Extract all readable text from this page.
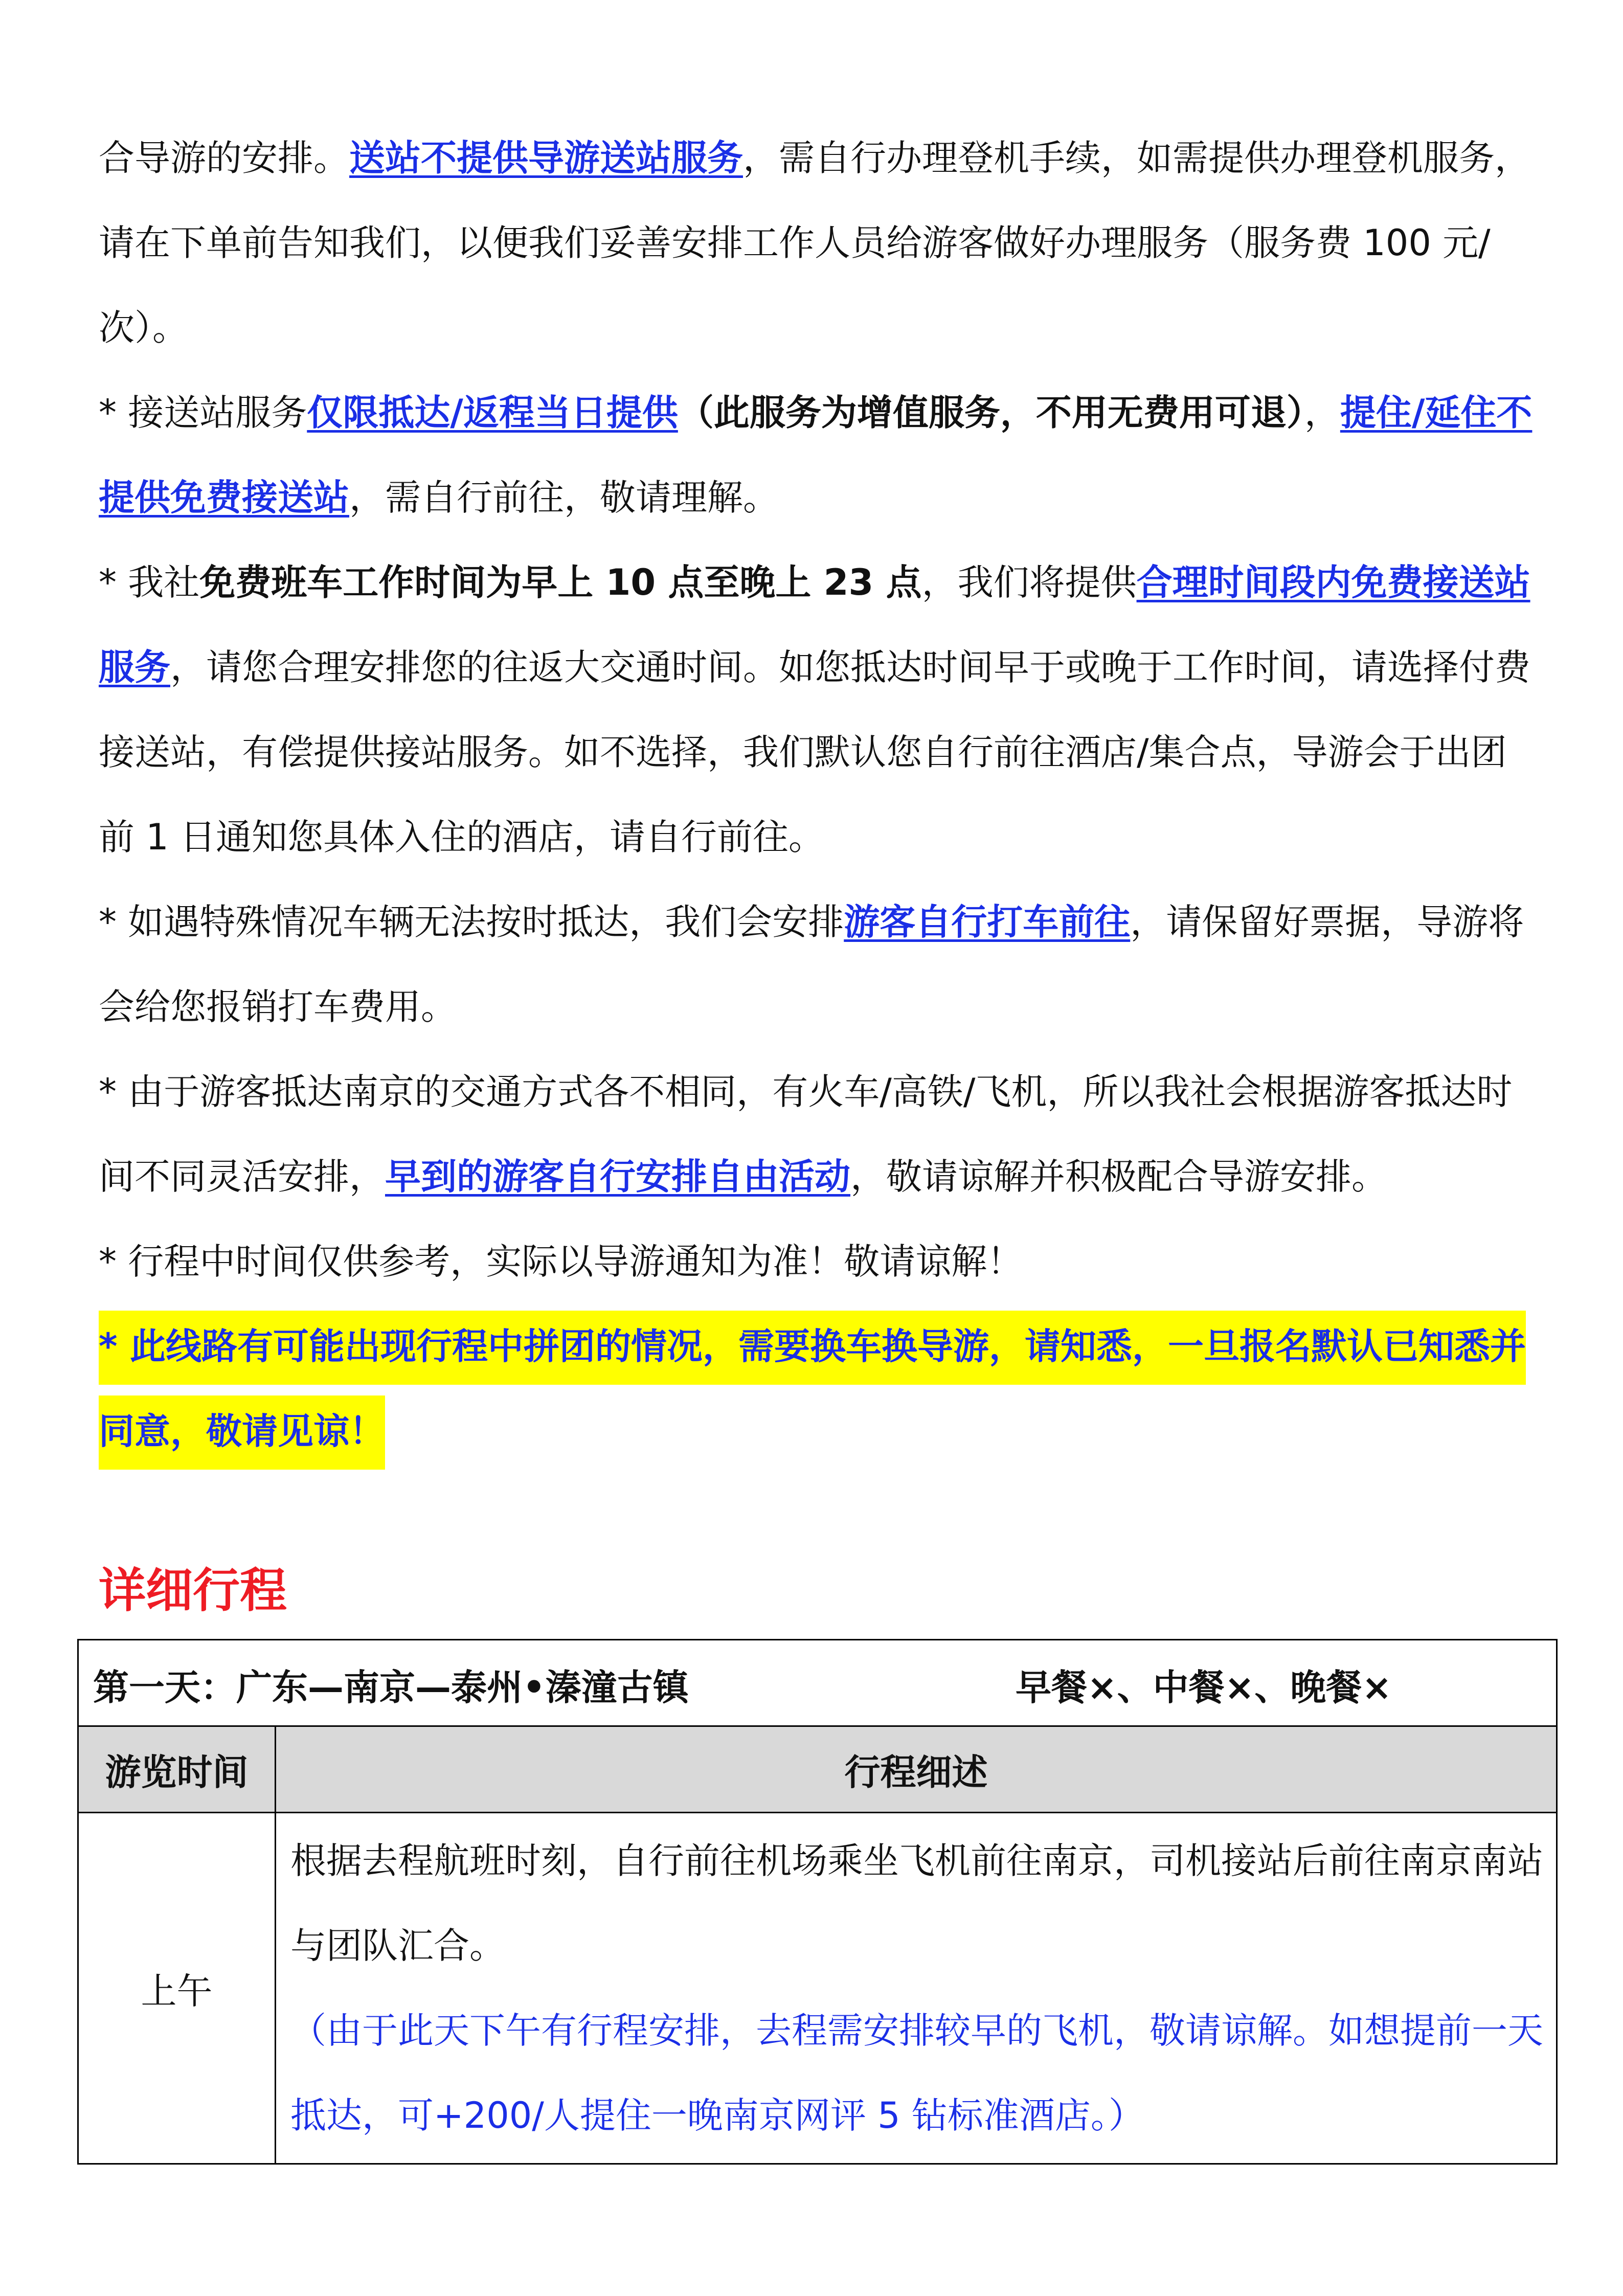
合导游的安排。送站不提供导游送站服务，需自行办理登机手续，如需提供办理登机服务，请在下单前告知我们，以便我们妥善安排工作人员给游客做好办理服务（服务费 100 元/次）。

* 接送站服务仅限抵达/返程当日提供（此服务为增值服务，不用无费用可退），提住/延住不提供免费接送站，需自行前往，敬请理解。

* 我社免费班车工作时间为早上 10 点至晚上 23 点，我们将提供合理时间段内免费接送站服务，请您合理安排您的往返大交通时间。如您抵达时间早于或晚于工作时间，请选择付费接送站，有偿提供接站服务。如不选择，我们默认您自行前往酒店/集合点，导游会于出团前 1 日通知您具体入住的酒店，请自行前往。

* 如遇特殊情况车辆无法按时抵达，我们会安排游客自行打车前往，请保留好票据，导游将会给您报销打车费用。

* 由于游客抵达南京的交通方式各不相同，有火车/高铁/飞机，所以我社会根据游客抵达时间不同灵活安排，早到的游客自行安排自由活动，敬请谅解并积极配合导游安排。

* 行程中时间仅供参考，实际以导游通知为准！敬请谅解！

* 此线路有可能出现行程中拼团的情况，需要换车换导游，请知悉，一旦报名默认已知悉并同意，敬请见谅！

详细行程
第一天：广东—南京—泰州•溱潼古镇 早餐×、中餐×、晚餐×	

游览时间	行程细述
上午	根据去程航班时刻，自行前往机场乘坐飞机前往南京，司机接站后前往南京南站与团队汇合。

（由于此天下午有行程安排，去程需安排较早的飞机，敬请谅解。如想提前一天抵达，可+200/人提住一晚南京网评 5 钻标准酒店。）
